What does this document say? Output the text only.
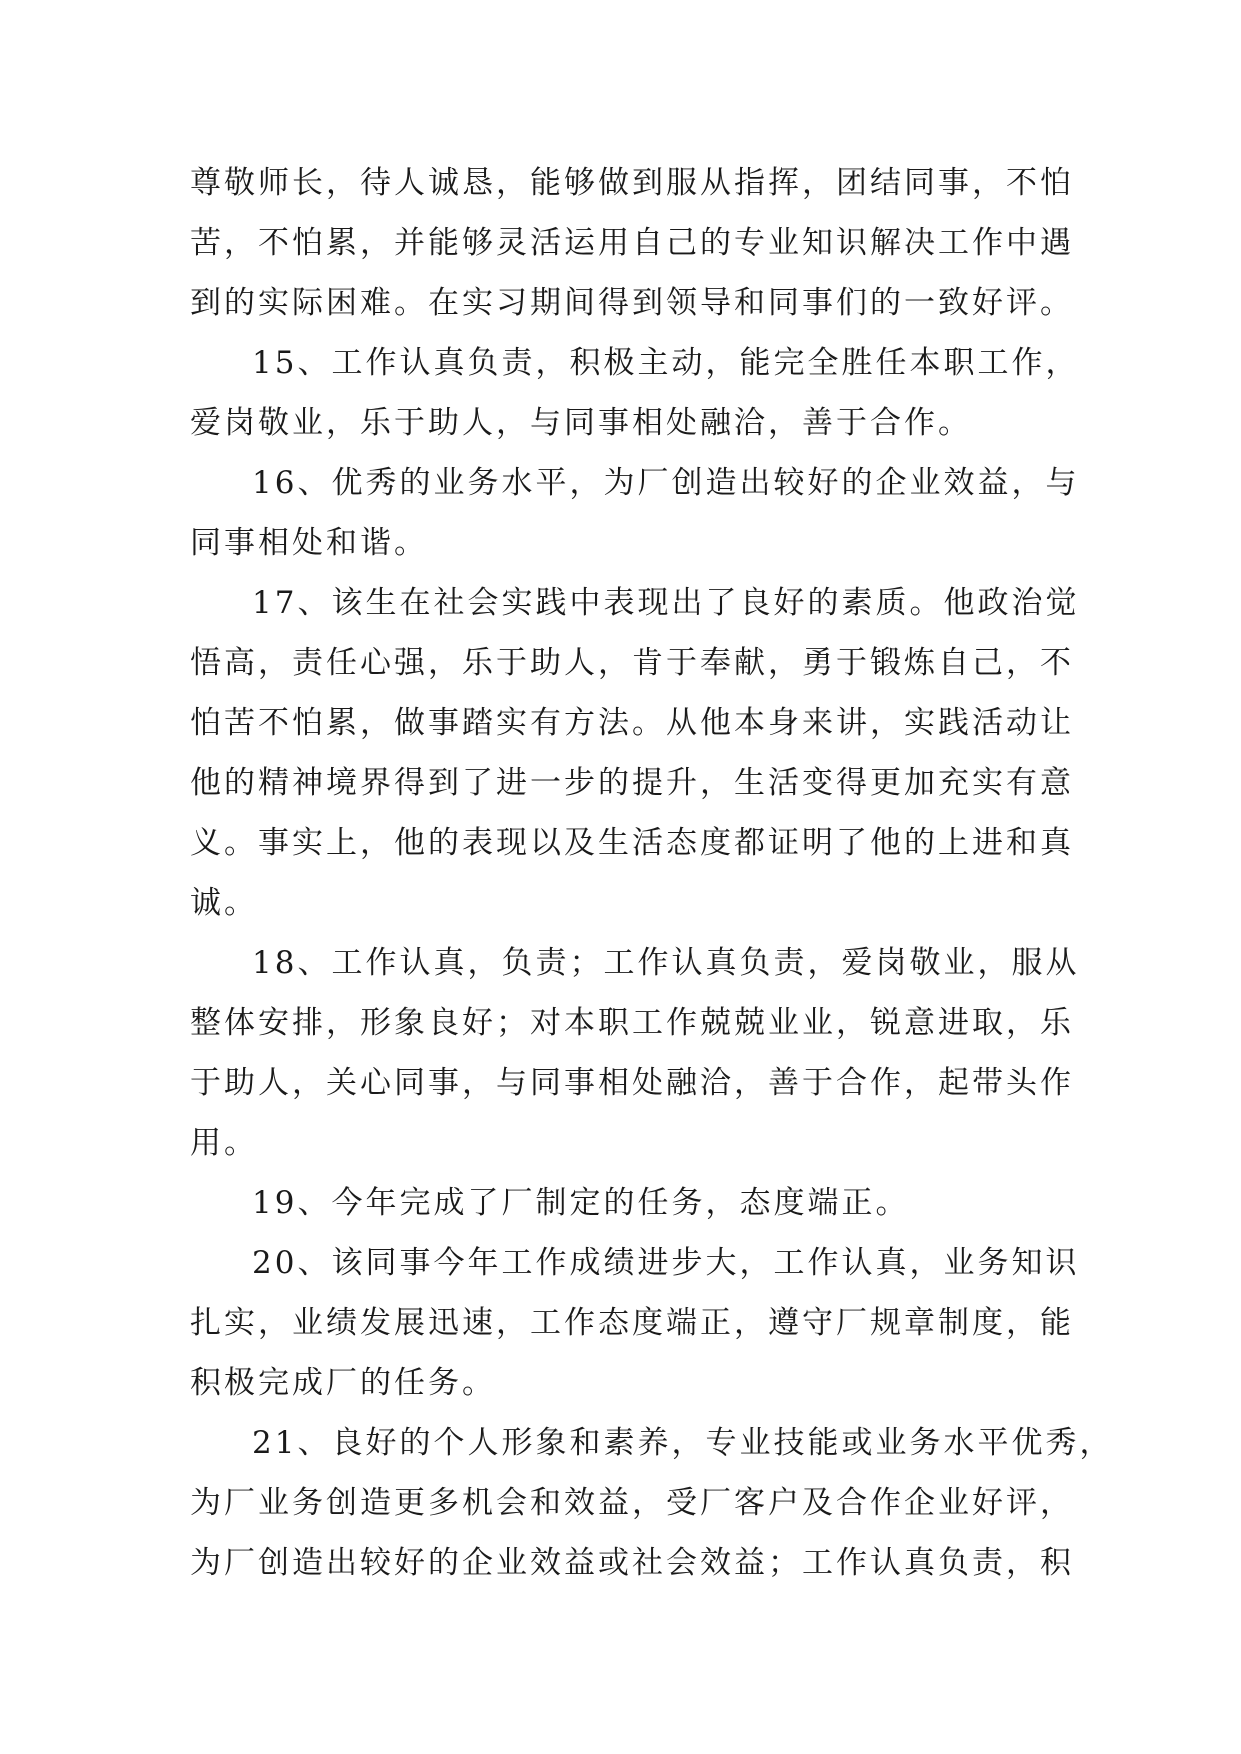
尊敬师长，待人诚恳，能够做到服从指挥，团结同事，不怕
苦，不怕累，并能够灵活运用自己的专业知识解决工作中遇
到的实际困难。在实习期间得到领导和同事们的一致好评。

15、工作认真负责，积极主动，能完全胜任本职工作，
爱岗敬业，乐于助人，与同事相处融洽，善于合作。

16、优秀的业务水平，为厂创造出较好的企业效益，与
同事相处和谐。

17、该生在社会实践中表现出了良好的素质。他政治觉
悟高，责任心强，乐于助人，肯于奉献，勇于锻炼自己，不
怕苦不怕累，做事踏实有方法。从他本身来讲，实践活动让
他的精神境界得到了进一步的提升，生活变得更加充实有意
义。事实上，他的表现以及生活态度都证明了他的上进和真
诚。

18、工作认真，负责；工作认真负责，爱岗敬业，服从
整体安排，形象良好；对本职工作兢兢业业，锐意进取，乐
于助人，关心同事，与同事相处融洽，善于合作，起带头作
用。

19、今年完成了厂制定的任务，态度端正。

20、该同事今年工作成绩进步大，工作认真，业务知识
扎实，业绩发展迅速，工作态度端正，遵守厂规章制度，能
积极完成厂的任务。

21、良好的个人形象和素养，专业技能或业务水平优秀，
为厂业务创造更多机会和效益，受厂客户及合作企业好评，
为厂创造出较好的企业效益或社会效益；工作认真负责，积
